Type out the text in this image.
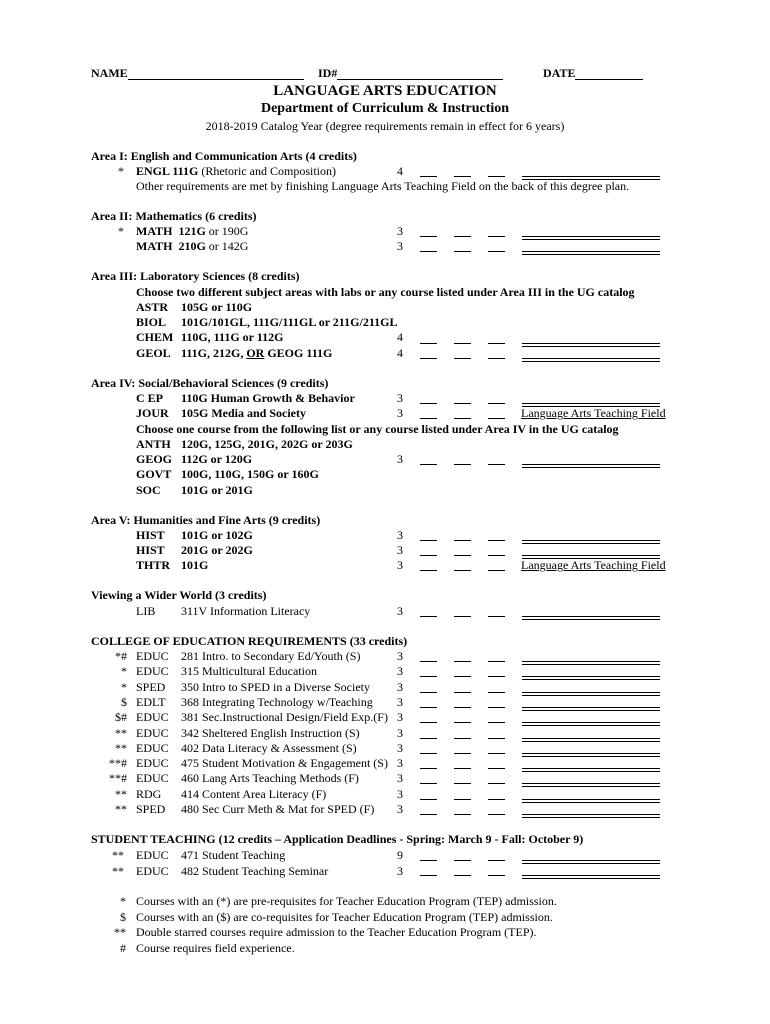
NAME	ID#	DATE
LANGUAGE ARTS EDUCATION
Department of Curriculum & Instruction
2018-2019 Catalog Year (degree requirements remain in effect for 6 years)
Area I: English and Communication Arts (4 credits)
* ENGL 111G (Rhetoric and Composition)	4
Other requirements are met by finishing Language Arts Teaching Field on the back of this degree plan.
Area II: Mathematics (6 credits)
* MATH 121G or 190G	3
MATH 210G or 142G	3
Area III: Laboratory Sciences (8 credits)
Choose two different subject areas with labs or any course listed under Area III in the UG catalog
ASTR 105G or 110G
BIOL 101G/101GL, 111G/111GL or 211G/211GL
CHEM 110G, 111G or 112G	4
GEOL 111G, 212G, OR GEOG 111G	4
Area IV: Social/Behavioral Sciences (9 credits)
C EP 110G Human Growth & Behavior	3
JOUR 105G Media and Society	3	Language Arts Teaching Field
Choose one course from the following list or any course listed under Area IV in the UG catalog
ANTH 120G, 125G, 201G, 202G or 203G
GEOG 112G or 120G	3
GOVT 100G, 110G, 150G or 160G
SOC 101G or 201G
Area V: Humanities and Fine Arts (9 credits)
HIST 101G or 102G	3
HIST 201G or 202G	3
THTR 101G	3	Language Arts Teaching Field
Viewing a Wider World (3 credits)
LIB 311V Information Literacy	3
COLLEGE OF EDUCATION REQUIREMENTS (33 credits)
*# EDUC 281 Intro. to Secondary Ed/Youth (S)	3
* EDUC 315 Multicultural Education	3
* SPED 350 Intro to SPED in a Diverse Society 3
$ EDLT 368 Integrating Technology w/Teaching 3
$# EDUC 381 Sec.Instructional Design/Field Exp.(F) 3
** EDUC 342 Sheltered English Instruction (S)	3
** EDUC 402 Data Literacy & Assessment (S)	3
**# EDUC 475 Student Motivation & Engagement (S) 3
**# EDUC 460 Lang Arts Teaching Methods (F)	3
** RDG 414 Content Area Literacy (F)	3
** SPED 480 Sec Curr Meth & Mat for SPED (F) 3
STUDENT TEACHING (12 credits – Application Deadlines - Spring: March 9 - Fall: October 9)
** EDUC 471 Student Teaching	9
** EDUC 482 Student Teaching Seminar	3
* Courses with an (*) are pre-requisites for Teacher Education Program (TEP) admission.
$ Courses with an ($) are co-requisites for Teacher Education Program (TEP) admission.
** Double starred courses require admission to the Teacher Education Program (TEP).
# Course requires field experience.
